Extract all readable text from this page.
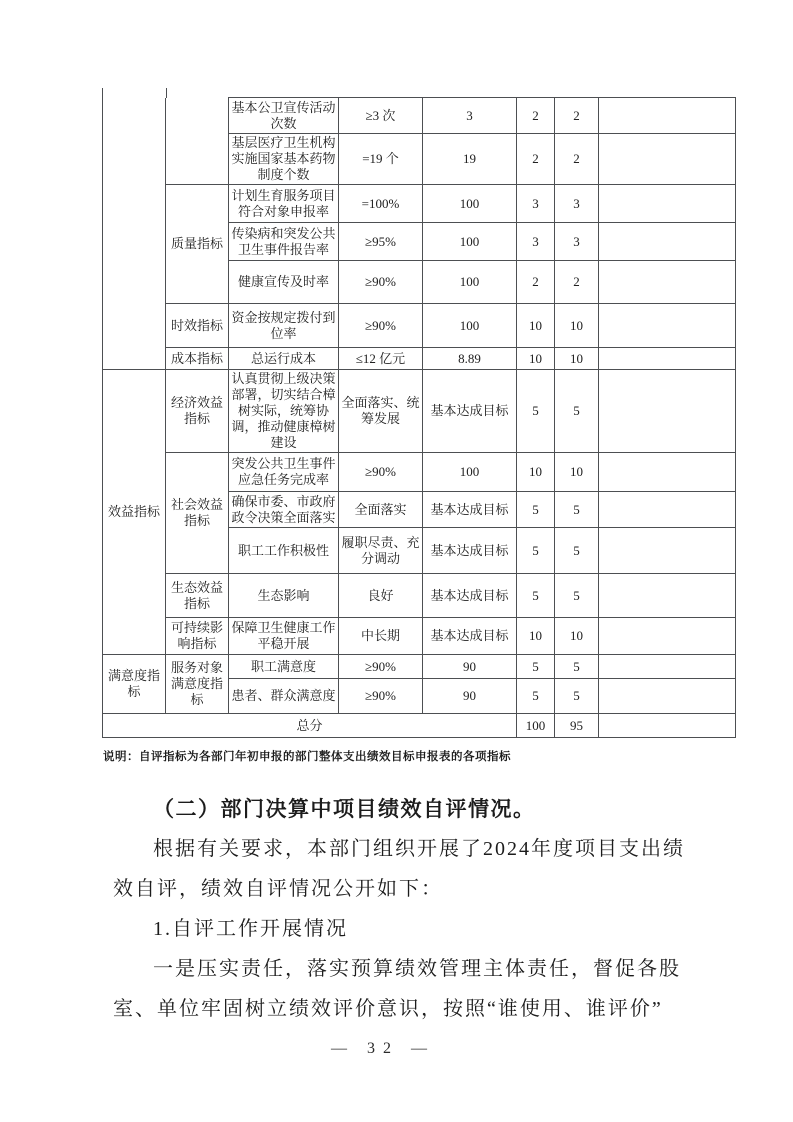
		基本公卫宣传活动次数	≥3 次	3	2	2	
		基层医疗卫生机构实施国家基本药物制度个数	=19 个	19	2	2	
	质量指标	计划生育服务项目符合对象申报率	=100%	100	3	3	
		传染病和突发公共卫生事件报告率	≥95%	100	3	3	
		健康宣传及时率	≥90%	100	2	2	
	时效指标	资金按规定拨付到位率	≥90%	100	10	10	
	成本指标	总运行成本	≤12 亿元	8.89	10	10	
效益指标	经济效益指标	认真贯彻上级决策部署，切实结合樟树实际，统筹协调，推动健康樟树建设	全面落实、统筹发展	基本达成目标	5	5	
	社会效益指标	突发公共卫生事件应急任务完成率	≥90%	100	10	10	
		确保市委、市政府政令决策全面落实	全面落实	基本达成目标	5	5	
		职工工作积极性	履职尽责、充分调动	基本达成目标	5	5	
	生态效益指标	生态影响	良好	基本达成目标	5	5	
	可持续影响指标	保障卫生健康工作平稳开展	中长期	基本达成目标	10	10	
满意度指标	服务对象满意度指标	职工满意度	≥90%	90	5	5	
		患者、群众满意度	≥90%	90	5	5	
总分					100	95	
说明：自评指标为各部门年初申报的部门整体支出绩效目标申报表的各项指标
（二）部门决算中项目绩效自评情况。
根据有关要求，本部门组织开展了2024年度项目支出绩
效自评，绩效自评情况公开如下：
1.自评工作开展情况
一是压实责任，落实预算绩效管理主体责任，督促各股
室、单位牢固树立绩效评价意识，按照“谁使用、谁评价”
— 32 —
